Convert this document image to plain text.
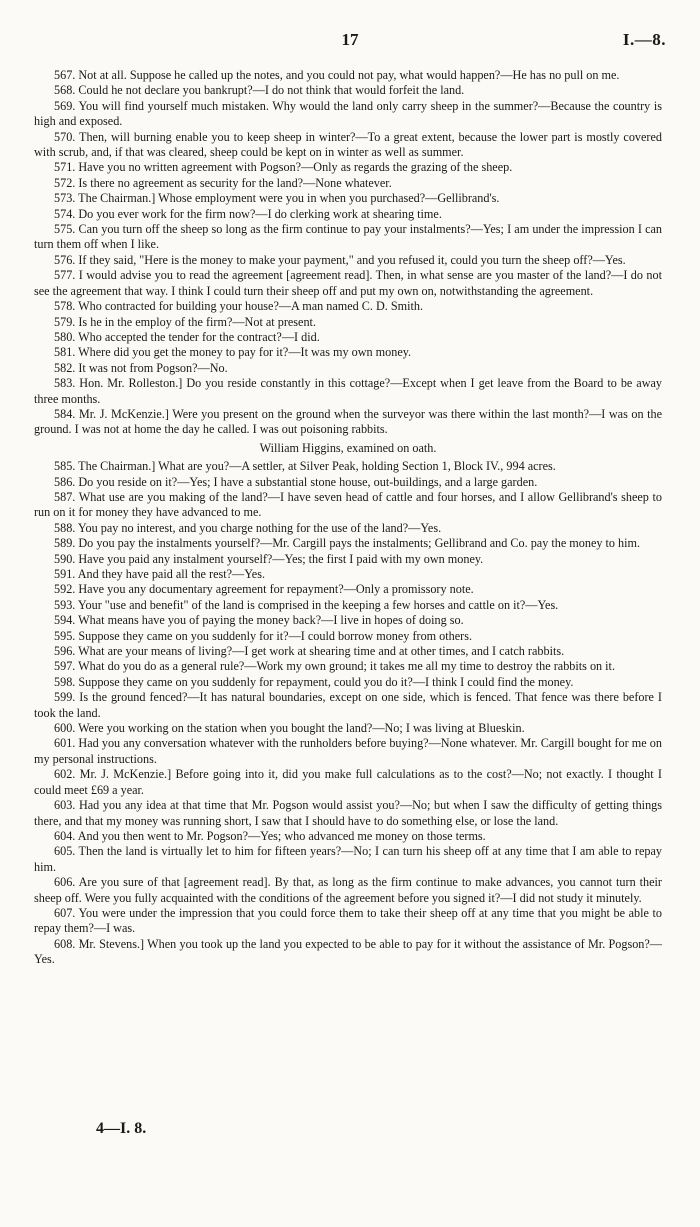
17	I.—8.

567. Not at all. Suppose he called up the notes, and you could not pay, what would happen?—He has no pull on me.

568. Could he not declare you bankrupt?—I do not think that would forfeit the land.

569. You will find yourself much mistaken. Why would the land only carry sheep in the summer?—Because the country is high and exposed.

570. Then, will burning enable you to keep sheep in winter?—To a great extent, because the lower part is mostly covered with scrub, and, if that was cleared, sheep could be kept on in winter as well as summer.

571. Have you no written agreement with Pogson?—Only as regards the grazing of the sheep.

572. Is there no agreement as security for the land?—None whatever.

573. The Chairman.] Whose employment were you in when you purchased?—Gellibrand's.

574. Do you ever work for the firm now?—I do clerking work at shearing time.

575. Can you turn off the sheep so long as the firm continue to pay your instalments?—Yes; I am under the impression I can turn them off when I like.

576. If they said, "Here is the money to make your payment," and you refused it, could you turn the sheep off?—Yes.

577. I would advise you to read the agreement [agreement read]. Then, in what sense are you master of the land?—I do not see the agreement that way. I think I could turn their sheep off and put my own on, notwithstanding the agreement.

578. Who contracted for building your house?—A man named C. D. Smith.

579. Is he in the employ of the firm?—Not at present.

580. Who accepted the tender for the contract?—I did.

581. Where did you get the money to pay for it?—It was my own money.

582. It was not from Pogson?—No.

583. Hon. Mr. Rolleston.] Do you reside constantly in this cottage?—Except when I get leave from the Board to be away three months.

584. Mr. J. McKenzie.] Were you present on the ground when the surveyor was there within the last month?—I was on the ground. I was not at home the day he called. I was out poisoning rabbits.

William Higgins, examined on oath.

585. The Chairman.] What are you?—A settler, at Silver Peak, holding Section 1, Block IV., 994 acres.

586. Do you reside on it?—Yes; I have a substantial stone house, out-buildings, and a large garden.

587. What use are you making of the land?—I have seven head of cattle and four horses, and I allow Gellibrand's sheep to run on it for money they have advanced to me.

588. You pay no interest, and you charge nothing for the use of the land?—Yes.

589. Do you pay the instalments yourself?—Mr. Cargill pays the instalments; Gellibrand and Co. pay the money to him.

590. Have you paid any instalment yourself?—Yes; the first I paid with my own money.

591. And they have paid all the rest?—Yes.

592. Have you any documentary agreement for repayment?—Only a promissory note.

593. Your "use and benefit" of the land is comprised in the keeping a few horses and cattle on it?—Yes.

594. What means have you of paying the money back?—I live in hopes of doing so.

595. Suppose they came on you suddenly for it?—I could borrow money from others.

596. What are your means of living?—I get work at shearing time and at other times, and I catch rabbits.

597. What do you do as a general rule?—Work my own ground; it takes me all my time to destroy the rabbits on it.

598. Suppose they came on you suddenly for repayment, could you do it?—I think I could find the money.

599. Is the ground fenced?—It has natural boundaries, except on one side, which is fenced. That fence was there before I took the land.

600. Were you working on the station when you bought the land?—No; I was living at Blueskin.

601. Had you any conversation whatever with the runholders before buying?—None whatever. Mr. Cargill bought for me on my personal instructions.

602. Mr. J. McKenzie.] Before going into it, did you make full calculations as to the cost?—No; not exactly. I thought I could meet £69 a year.

603. Had you any idea at that time that Mr. Pogson would assist you?—No; but when I saw the difficulty of getting things there, and that my money was running short, I saw that I should have to do something else, or lose the land.

604. And you then went to Mr. Pogson?—Yes; who advanced me money on those terms.

605. Then the land is virtually let to him for fifteen years?—No; I can turn his sheep off at any time that I am able to repay him.

606. Are you sure of that [agreement read]. By that, as long as the firm continue to make advances, you cannot turn their sheep off. Were you fully acquainted with the conditions of the agreement before you signed it?—I did not study it minutely.

607. You were under the impression that you could force them to take their sheep off at any time that you might be able to repay them?—I was.

608. Mr. Stevens.] When you took up the land you expected to be able to pay for it without the assistance of Mr. Pogson?—Yes.

4—I. 8.
